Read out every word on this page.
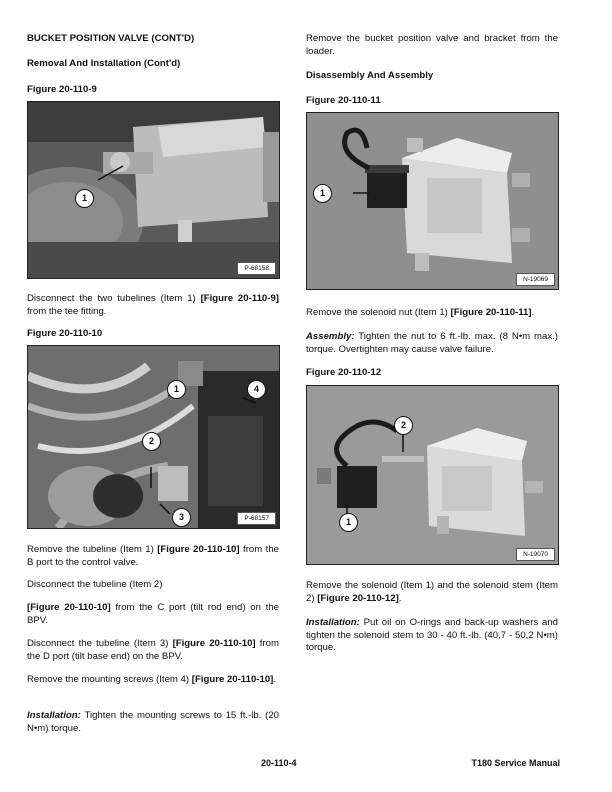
BUCKET POSITION VALVE (CONT'D)
Removal And Installation (Cont'd)
Figure 20-110-9
1
P-68158

Disconnect the two tubelines (Item 1) [Figure 20-110-9] from the tee fitting.

Figure 20-110-10
1	4
2
3	P-68157

Remove the tubeline (Item 1) [Figure 20-110-10] from the B port to the control valve.

Disconnect the tubeline (Item 2)

[Figure 20-110-10] from the C port (tilt rod end) on the BPV.

Disconnect the tubeline (Item 3) [Figure 20-110-10] from the D port (tilt base end) on the BPV.

Remove the mounting screws (Item 4) [Figure 20-110-10].

Installation: Tighten the mounting screws to 15 ft.-lb. (20 N•m) torque.

Remove the bucket position valve and bracket from the loader.

Disassembly And Assembly
Figure 20-110-11
1
N-19069

Remove the solenoid nut (Item 1) [Figure 20-110-11].

Assembly: Tighten the nut to 6 ft.-lb. max. (8 N•m max.) torque. Overtighten may cause valve failure.

Figure 20-110-12
2
1
N-19070

Remove the solenoid (Item 1) and the solenoid stem (Item 2) [Figure 20-110-12].

Installation: Put oil on O-rings and back-up washers and tighten the solenoid stem to 30 - 40 ft.-lb. (40,7 - 50,2 N•m) torque.

20-110-4	T180 Service Manual
